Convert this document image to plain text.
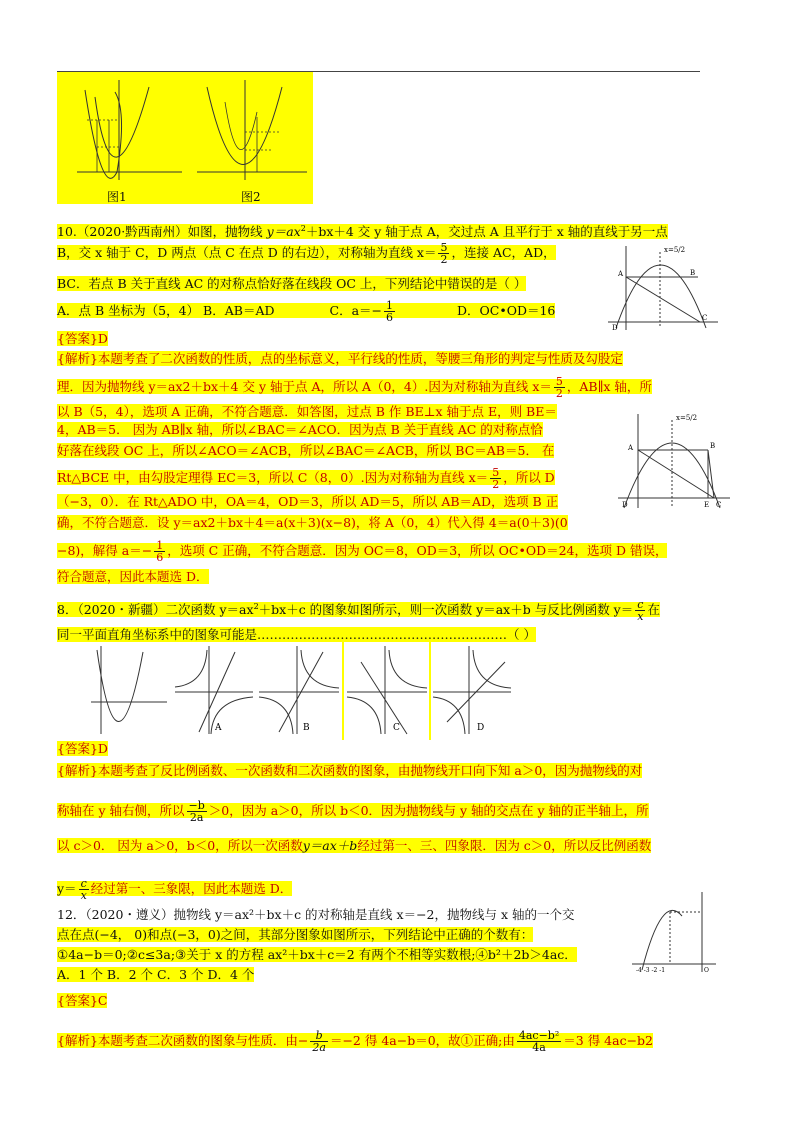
图1	图2
10.（2020·黔西南州）如图，抛物线 $y=ax^2+bx+4$ 交 y 轴于点 A，交过点 A 且平行于 x 轴的直线于另一点
B，交 x 轴于 C，D 两点（点 C 在点 D 的右边），对称轴为直线 $x= \frac{5}{2}$ ，连接 AC，AD，
BC．若点 B 关于直线 AC 的对称点恰好落在线段 OC 上，下列结论中错误的是（ ）
A．点 B 坐标为（5，4） B．AB＝AD	C．$a=- \frac{1}{6}$	D．OC•OD＝16
x=5/2
A	B
C
D
{答案}D
{解析}本题考查了二次函数的性质，点的坐标意义，平行线的性质，等腰三角形的判定与性质及勾股定
理．因为抛物线 y＝ax2＋bx＋4 交 y 轴于点 A，所以 A（0，4）.因为对称轴为直线 $x= \frac{5}{2}$ ，AB∥x 轴，所
以 B（5，4），选项 A 正确，不符合题意．如答图，过点 B 作 BE⊥x 轴于点 E，则 BE＝
4，AB＝5． 因为 AB∥x 轴，所以∠BAC＝∠ACO．因为点 B 关于直线 AC 的对称点恰
好落在线段 OC 上，所以∠ACO＝∠ACB，所以∠BAC＝∠ACB，所以 BC＝AB＝5． 在
Rt△BCE 中，由勾股定理得 EC＝3，所以 C（8，0）.因为对称轴为直线 $x= \frac{5}{2}$ ，所以 D
（−3，0）．在 Rt△ADO 中，OA＝4，OD＝3，所以 AD＝5，所以 AB＝AD，选项 B 正
确，不符合题意．设 y＝ax2＋bx＋4＝a(x＋3)(x−8)，将 A（0，4）代入得 4＝a(0＋3)(0
−8)，解得 $a=- \frac{1}{6}$ ，选项 C 正确，不符合题意．因为 OC＝8，OD＝3，所以 OC•OD＝24，选项 D 错误，
符合题意，因此本题选 D．
x=5/2
A	B
C
E
D
8．（2020・新疆）二次函数 $y=ax^2+bx+c$ 的图象如图所示，则一次函数 y＝ax＋b 与反比例函数 $y= \frac{c}{x}$ 在
同一平面直角坐标系中的图象可能是……………………………………………………（ ）
A	B	C	D
{答案}D
{解析}本题考查了反比例函数、一次函数和二次函数的图象，由抛物线开口向下知 a＞0，因为抛物线的对
称轴在 y 轴右侧，所以 $\frac{-b}{2a} >0$，因为 a＞0，所以 b＜0．因为抛物线与 y 轴的交点在 y 轴的正半轴上，所
以 c＞0． 因为 a＞0，b＜0，所以一次函数y＝ax＋b经过第一、三、四象限．因为 c＞0，所以反比例函数
$y= \frac{c}{x}$ 经过第一、三象限，因此本题选 D．
12．（2020・遵义）抛物线 y＝ax²＋bx＋c 的对称轴是直线 x＝−2，抛物线与 x 轴的一个交
点在点(−4， 0)和点(−3，0)之间，其部分图象如图所示，下列结论中正确的个数有：
①4a−b＝0;②c≤3a;③关于 x 的方程 ax²＋bx＋c＝2 有两个不相等实数根;④b²＋2b＞4ac．
A．1 个 B．2 个 C．3 个 D．4 个	-4 -3 -2 -1	O
{答案}C
{解析}本题考查二次函数的图象与性质．由− $\frac{b}{2a} =-2$ 得 4a−b＝0，故①正确;由 $\frac{\text{4ac−b²}}{4a} =3$ 得 4ac−b2
